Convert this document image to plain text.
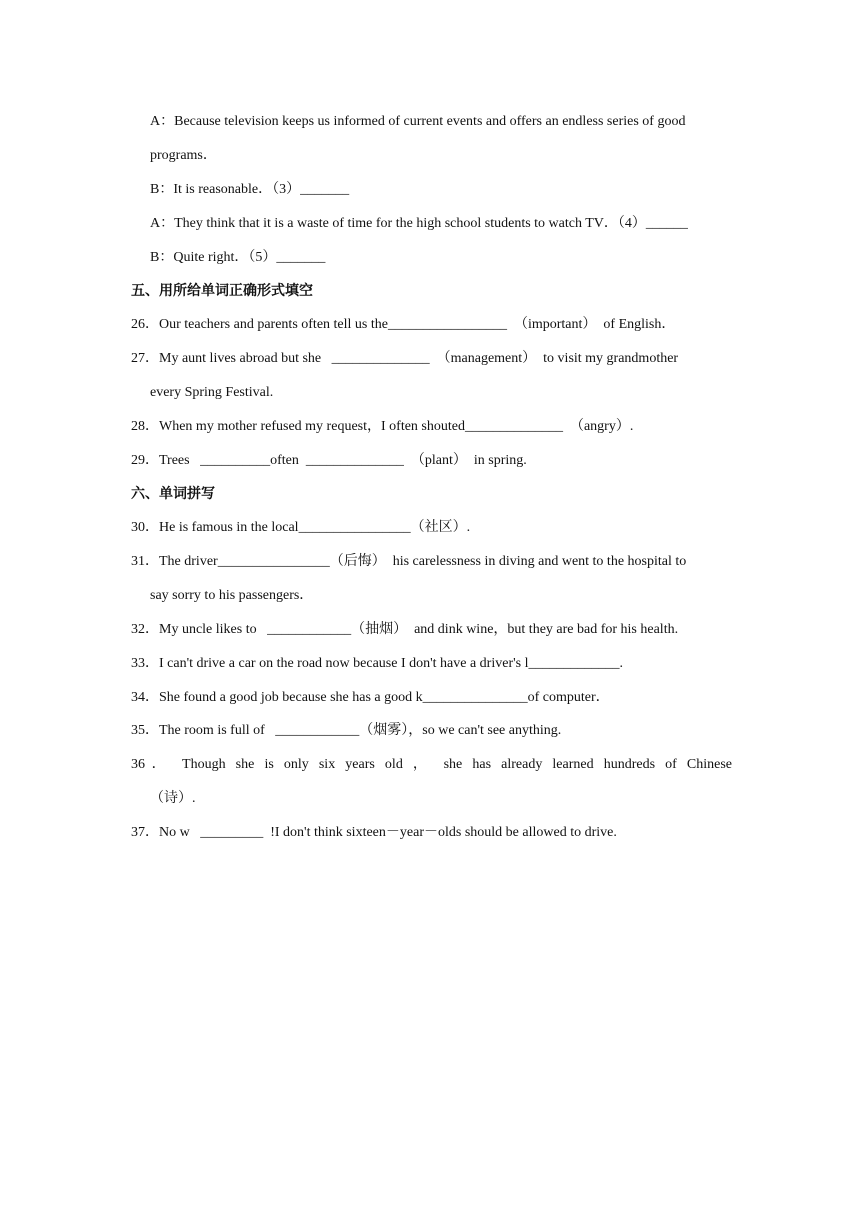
A：Because television keeps us informed of current events and offers an endless series of good
programs．
B：It is reasonable．（3）_______
A：They think that it is a waste of time for the high school students to watch TV．（4）______
B：Quite right．（5）_______
五、用所给单词正确形式填空
26．Our teachers and parents often tell us the_________________  （important）  of English．
27．My aunt lives abroad but she   ______________  （management）  to visit my grandmother
every Spring Festival.
28．When my mother refused my request，I often shouted______________  （angry）.
29．Trees   __________often  ______________  （plant）  in spring.
六、单词拼写
30．He is famous in the local________________（社区）.
31．The driver________________（后悔）  his carelessness in diving and went to the hospital to
say sorry to his passengers．
32．My uncle likes to   ____________（抽烟）  and dink wine，but they are bad for his health.
33．I can't drive a car on the road now because I don't have a driver's l_____________.
34．She found a good job because she has a good k_______________of computer．
35．The room is full of   ____________（烟雾），so we can't see anything.
36． Though she is only six years old ， she has already learned hundreds of Chinese
（诗）.
37．No w   _________  !I don't think sixteen－year－olds should be allowed to drive.
